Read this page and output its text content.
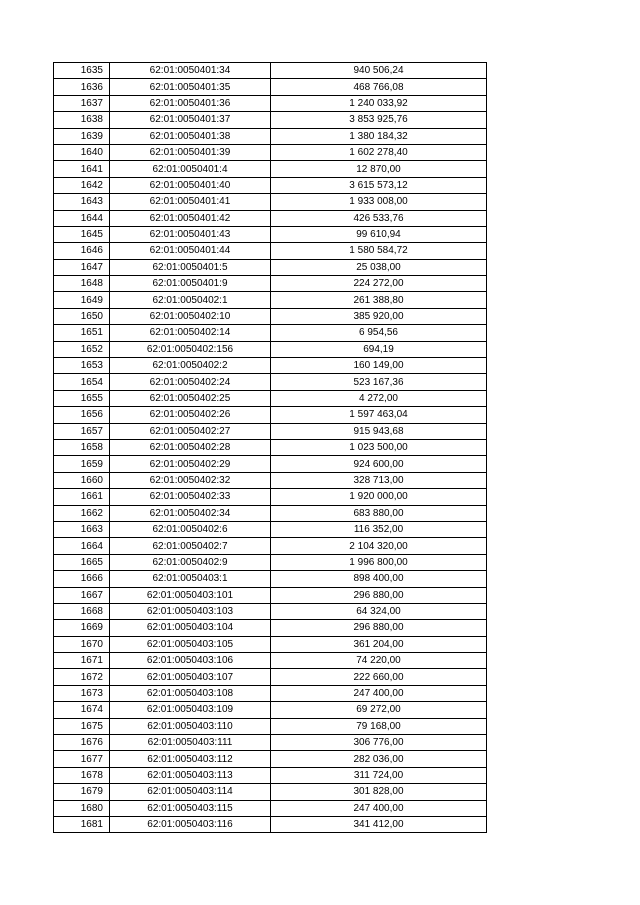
1635	62:01:0050401:34	940 506,24
1636	62:01:0050401:35	468 766,08
1637	62:01:0050401:36	1 240 033,92
1638	62:01:0050401:37	3 853 925,76
1639	62:01:0050401:38	1 380 184,32
1640	62:01:0050401:39	1 602 278,40
1641	62:01:0050401:4	12 870,00
1642	62:01:0050401:40	3 615 573,12
1643	62:01:0050401:41	1 933 008,00
1644	62:01:0050401:42	426 533,76
1645	62:01:0050401:43	99 610,94
1646	62:01:0050401:44	1 580 584,72
1647	62:01:0050401:5	25 038,00
1648	62:01:0050401:9	224 272,00
1649	62:01:0050402:1	261 388,80
1650	62:01:0050402:10	385 920,00
1651	62:01:0050402:14	6 954,56
1652	62:01:0050402:156	694,19
1653	62:01:0050402:2	160 149,00
1654	62:01:0050402:24	523 167,36
1655	62:01:0050402:25	4 272,00
1656	62:01:0050402:26	1 597 463,04
1657	62:01:0050402:27	915 943,68
1658	62:01:0050402:28	1 023 500,00
1659	62:01:0050402:29	924 600,00
1660	62:01:0050402:32	328 713,00
1661	62:01:0050402:33	1 920 000,00
1662	62:01:0050402:34	683 880,00
1663	62:01:0050402:6	116 352,00
1664	62:01:0050402:7	2 104 320,00
1665	62:01:0050402:9	1 996 800,00
1666	62:01:0050403:1	898 400,00
1667	62:01:0050403:101	296 880,00
1668	62:01:0050403:103	64 324,00
1669	62:01:0050403:104	296 880,00
1670	62:01:0050403:105	361 204,00
1671	62:01:0050403:106	74 220,00
1672	62:01:0050403:107	222 660,00
1673	62:01:0050403:108	247 400,00
1674	62:01:0050403:109	69 272,00
1675	62:01:0050403:110	79 168,00
1676	62:01:0050403:111	306 776,00
1677	62:01:0050403:112	282 036,00
1678	62:01:0050403:113	311 724,00
1679	62:01:0050403:114	301 828,00
1680	62:01:0050403:115	247 400,00
1681	62:01:0050403:116	341 412,00
